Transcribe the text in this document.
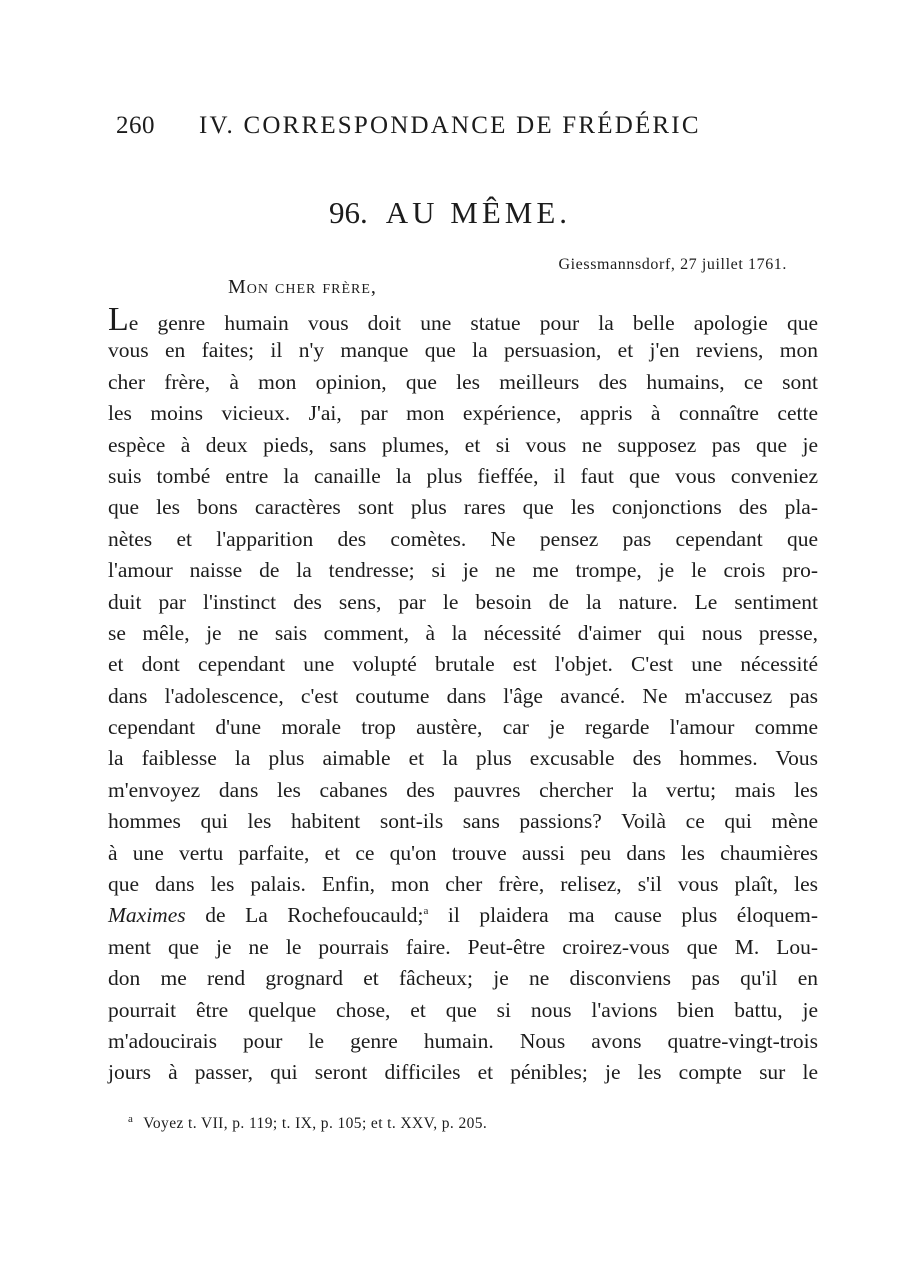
260 IV. CORRESPONDANCE DE FRÉDÉRIC
96. AU MÊME.
Giessmannsdorf, 27 juillet 1761.
Mon cher frère,
Le genre humain vous doit une statue pour la belle apologie que
vous en faites; il n'y manque que la persuasion, et j'en reviens, mon
cher frère, à mon opinion, que les meilleurs des humains, ce sont
les moins vicieux. J'ai, par mon expérience, appris à connaître cette
espèce à deux pieds, sans plumes, et si vous ne supposez pas que je
suis tombé entre la canaille la plus fieffée, il faut que vous conveniez
que les bons caractères sont plus rares que les conjonctions des pla-
nètes et l'apparition des comètes. Ne pensez pas cependant que
l'amour naisse de la tendresse; si je ne me trompe, je le crois pro-
duit par l'instinct des sens, par le besoin de la nature. Le sentiment
se mêle, je ne sais comment, à la nécessité d'aimer qui nous presse,
et dont cependant une volupté brutale est l'objet. C'est une nécessité
dans l'adolescence, c'est coutume dans l'âge avancé. Ne m'accusez pas
cependant d'une morale trop austère, car je regarde l'amour comme
la faiblesse la plus aimable et la plus excusable des hommes. Vous
m'envoyez dans les cabanes des pauvres chercher la vertu; mais les
hommes qui les habitent sont-ils sans passions? Voilà ce qui mène
à une vertu parfaite, et ce qu'on trouve aussi peu dans les chaumières
que dans les palais. Enfin, mon cher frère, relisez, s'il vous plaît, les
Maximes de La Rochefoucauld;$^a$ il plaidera ma cause plus éloquem-
ment que je ne le pourrais faire. Peut-être croirez-vous que M. Lou-
don me rend grognard et fâcheux; je ne disconviens pas qu'il en
pourrait être quelque chose, et que si nous l'avions bien battu, je
m'adoucirais pour le genre humain. Nous avons quatre-vingt-trois
jours à passer, qui seront difficiles et pénibles; je les compte sur le
$^a$ Voyez t. VII, p. 119; t. IX, p. 105; et t. XXV, p. 205.
